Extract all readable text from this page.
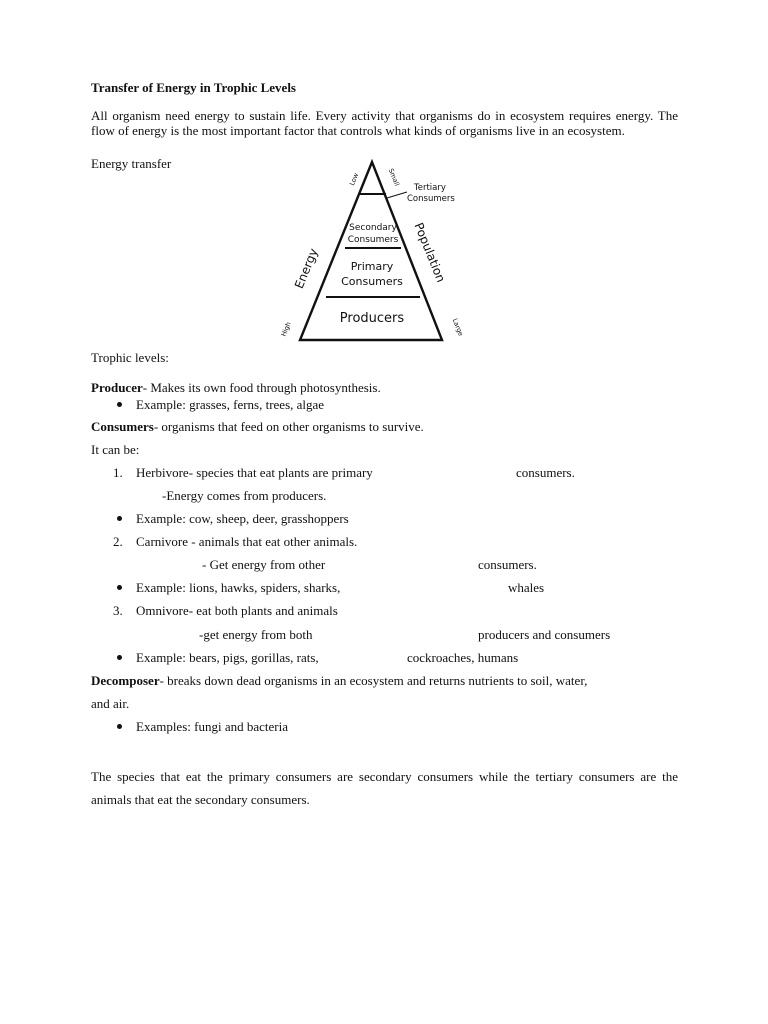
Transfer of Energy in Trophic Levels
All organism need energy to sustain life. Every activity that organisms do in ecosystem requires energy. The flow of energy is the most important factor that controls what kinds of organisms live in an ecosystem.
Energy transfer
Tertiary
Consumers
Secondary
Consumers
Primary
Consumers
Producers
Energy	Population
Low
High
Small
Large
Trophic levels:
Producer- Makes its own food through photosynthesis.
Example: grasses, ferns, trees, algae
Consumers- organisms that feed on other organisms to survive.
It can be:
1. Herbivore- species that eat plants are primary	consumers.
-Energy comes from producers.
Example: cow, sheep, deer, grasshoppers
2. Carnivore - animals that eat other animals.
- Get energy from other	consumers.
Example: lions, hawks, spiders, sharks,	whales
3. Omnivore- eat both plants and animals
-get energy from both	producers and consumers
Example: bears, pigs, gorillas, rats,	cockroaches, humans
Decomposer- breaks down dead organisms in an ecosystem and returns nutrients to soil, water,
and air.
Examples: fungi and bacteria
The species that eat the primary consumers are secondary consumers while the tertiary consumers are the animals that eat the secondary consumers.
